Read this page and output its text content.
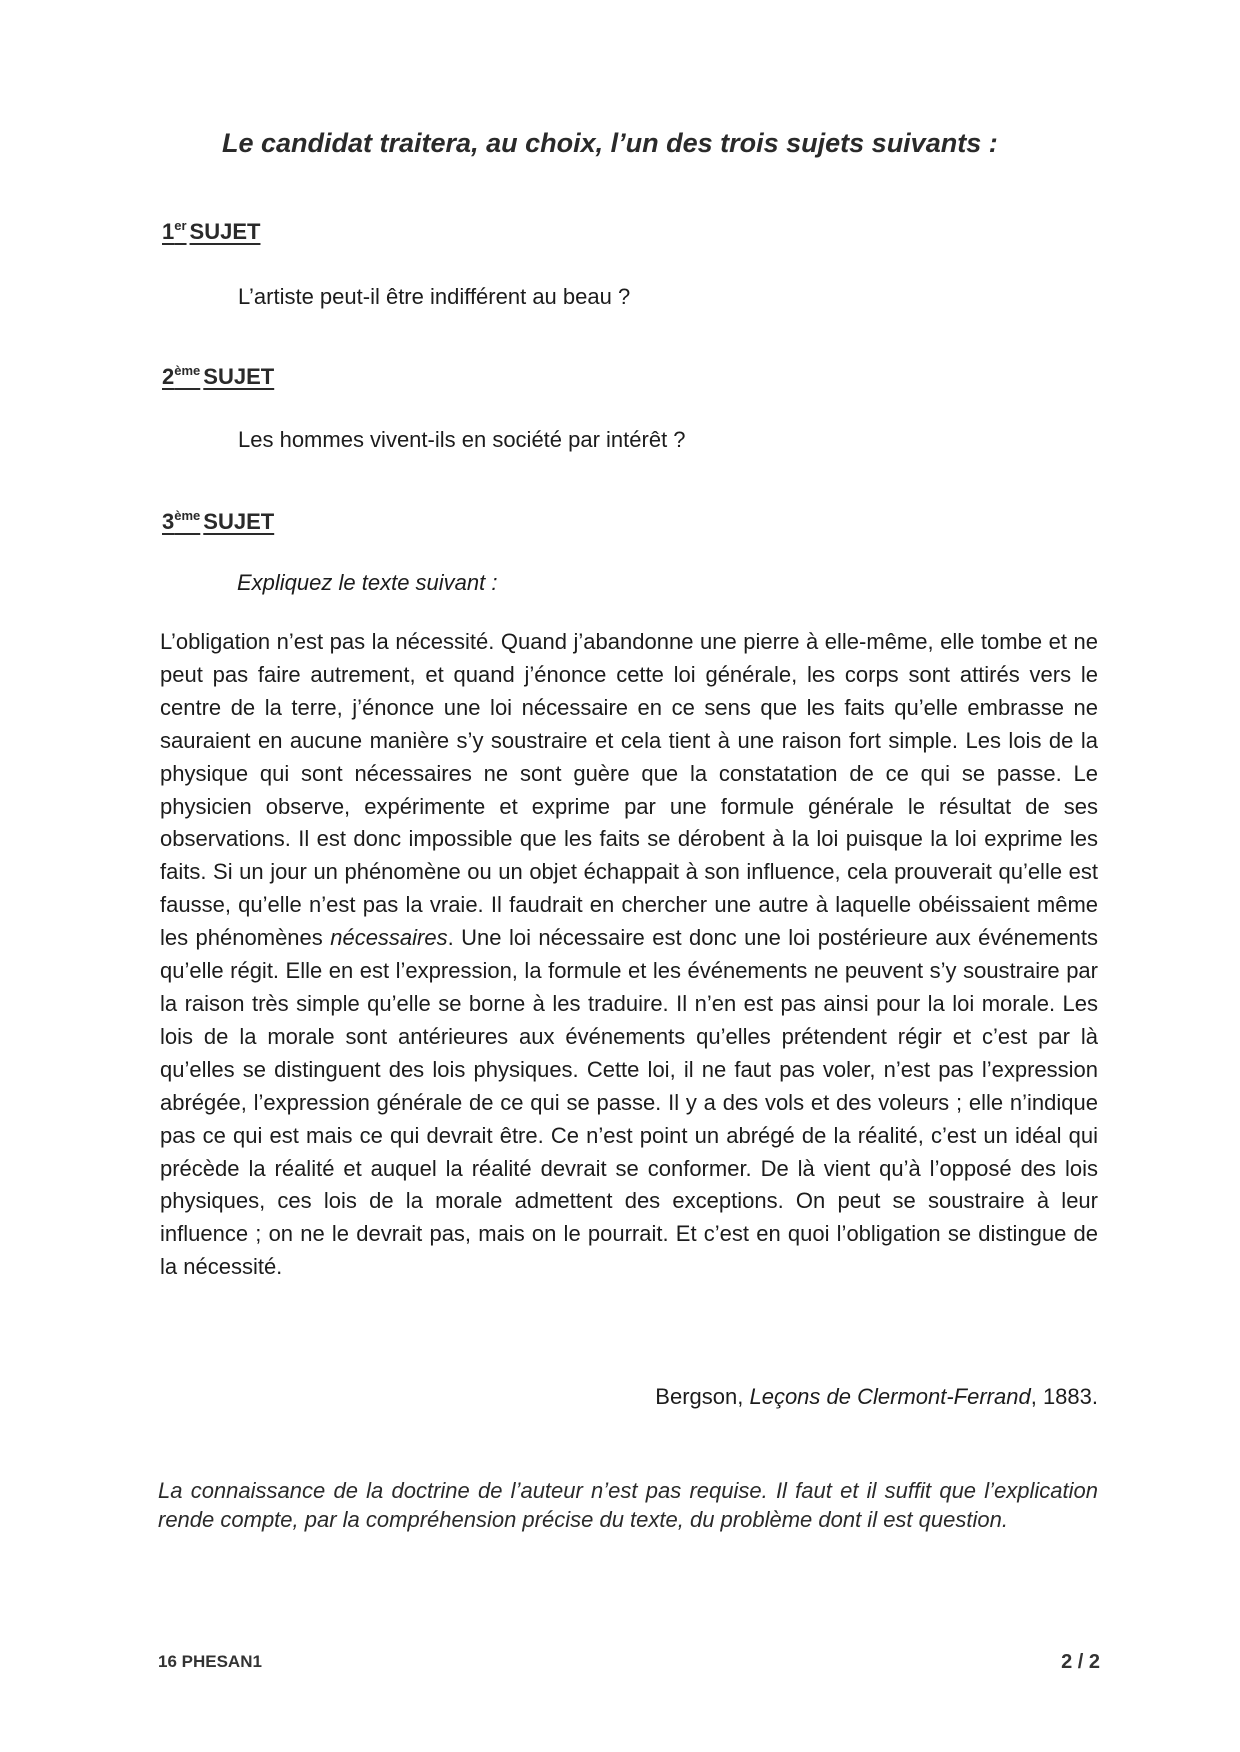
Le candidat traitera, au choix, l’un des trois sujets suivants :
1er SUJET
L’artiste peut-il être indifférent au beau ?
2ème SUJET
Les hommes vivent-ils en société par intérêt ?
3ème SUJET
Expliquez le texte suivant :

L’obligation n’est pas la nécessité. Quand j’abandonne une pierre à elle-même, elle tombe et ne peut pas faire autrement, et quand j’énonce cette loi générale, les corps sont attirés vers le centre de la terre, j’énonce une loi nécessaire en ce sens que les faits qu’elle embrasse ne sauraient en aucune manière s’y soustraire et cela tient à une raison fort simple. Les lois de la physique qui sont nécessaires ne sont guère que la constatation de ce qui se passe. Le physicien observe, expérimente et exprime par une formule générale le résultat de ses observations. Il est donc impossible que les faits se dérobent à la loi puisque la loi exprime les faits. Si un jour un phénomène ou un objet échappait à son influence, cela prouverait qu’elle est fausse, qu’elle n’est pas la vraie. Il faudrait en chercher une autre à laquelle obéissaient même les phénomènes nécessaires. Une loi nécessaire est donc une loi postérieure aux événements qu’elle régit. Elle en est l’expression, la formule et les événements ne peuvent s’y soustraire par la raison très simple qu’elle se borne à les traduire. Il n’en est pas ainsi pour la loi morale. Les lois de la morale sont antérieures aux événements qu’elles prétendent régir et c’est par là qu’elles se distinguent des lois physiques. Cette loi, il ne faut pas voler, n’est pas l’expression abrégée, l’expression générale de ce qui se passe. Il y a des vols et des voleurs ; elle n’indique pas ce qui est mais ce qui devrait être. Ce n’est point un abrégé de la réalité, c’est un idéal qui précède la réalité et auquel la réalité devrait se conformer. De là vient qu’à l’opposé des lois physiques, ces lois de la morale admettent des exceptions. On peut se soustraire à leur influence ; on ne le devrait pas, mais on le pourrait. Et c’est en quoi l’obligation se distingue de la nécessité.

Bergson, Leçons de Clermont-Ferrand, 1883.

La connaissance de la doctrine de l’auteur n’est pas requise. Il faut et il suffit que l’explication rende compte, par la compréhension précise du texte, du problème dont il est question.

16 PHESAN1	2 / 2
